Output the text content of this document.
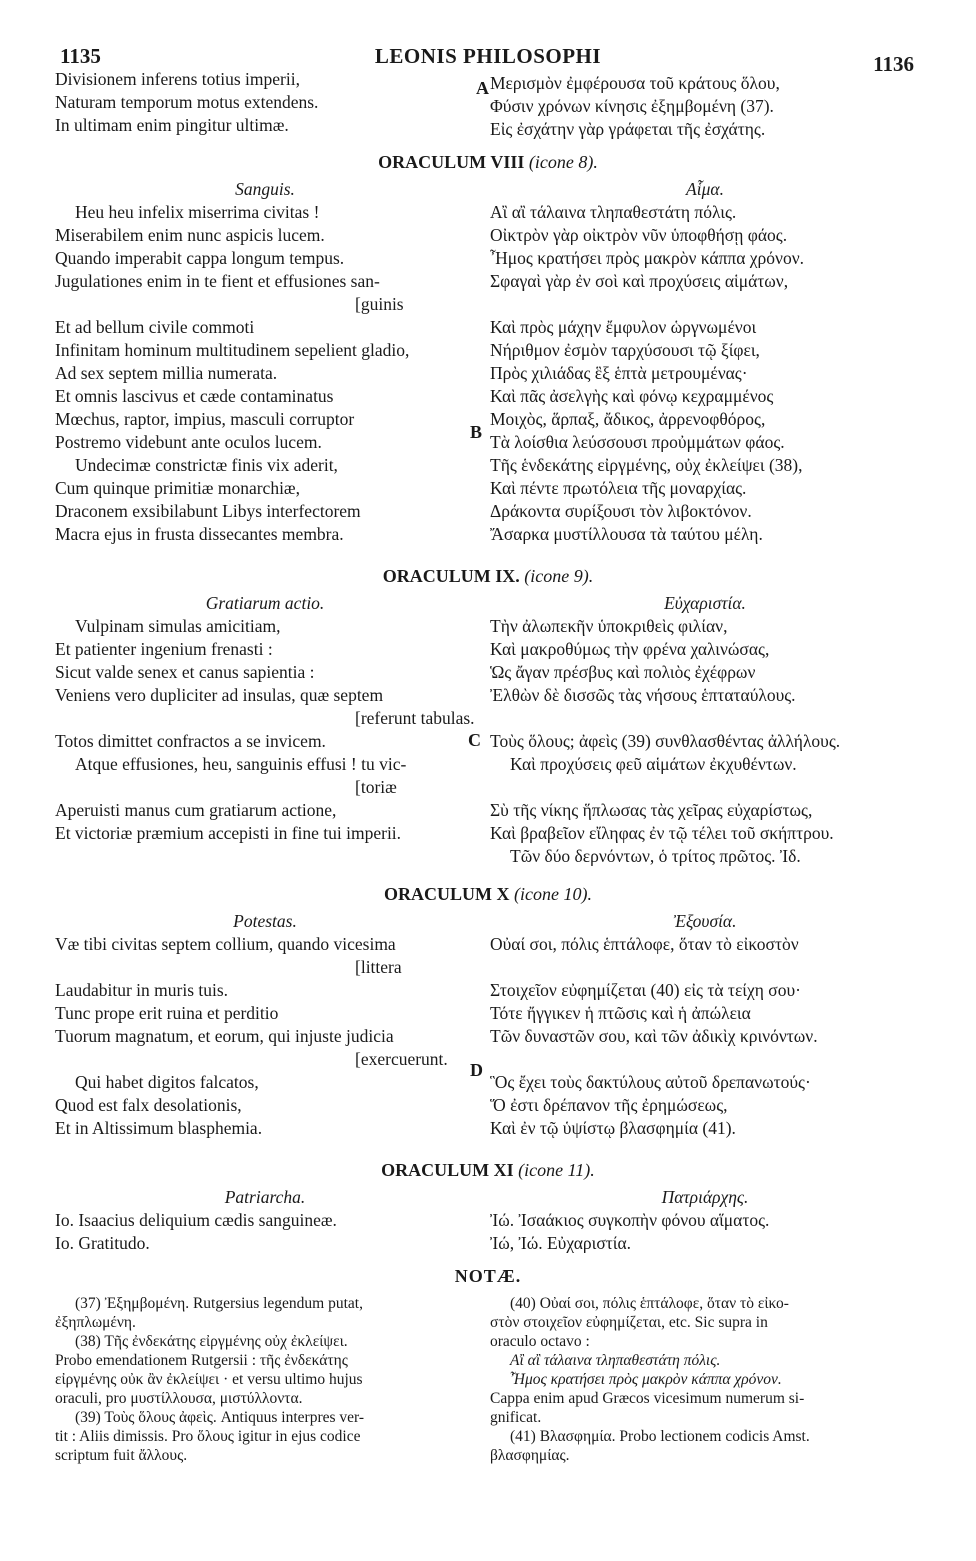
1135	LEONIS PHILOSOPHI	1136
Divisionem inferens totius imperii,
Naturam temporum motus extendens.
In ultimam enim pingitur ultimæ.
A Μερισμὸν ἐμφέρουσα τοῦ κράτους ὅλου,
Φύσιν χρόνων κίνησις ἐξημβομένη (37).
Εἰς ἐσχάτην γὰρ γράφεται τῆς ἐσχάτης.
ORACULUM VIII (icone 8).
Sanguis.
Heu heu infelix miserrima civitas !
Miserabilem enim nunc aspicis lucem.
Quando imperabit cappa longum tempus.
Jugulationes enim in te fient et effusiones san-
[guinis
Et ad bellum civile commoti
Infinitam hominum multitudinem sepelient gladio,
Ad sex septem millia numerata.
Et omnis lascivus et cæde contaminatus
Mœchus, raptor, impius, masculi corruptor
Postremo videbunt ante oculos lucem.
Undecimæ constrictæ finis vix aderit,
Cum quinque primitiæ monarchiæ,
Draconem exsibilabunt Libys interfectorem
Macra ejus in frusta dissecantes membra.
B
Αἷμα.
Αἲ αἲ τάλαινα τληπαθεστάτη πόλις.
Οἰκτρὸν γὰρ οἰκτρὸν νῦν ὑποφθήσῃ φάος.
Ἦμος κρατήσει πρὸς μακρὸν κάππα χρόνον.
Σφαγαὶ γὰρ ἐν σοὶ καὶ προχύσεις αἱμάτων,
Καὶ πρὸς μάχην ἔμφυλον ὡργνωμένοι
Νήριθμον ἐσμὸν ταρχύσουσι τῷ ξίφει,
Πρὸς χιλιάδας ἓξ ἑπτὰ μετρουμένας·
Καὶ πᾶς ἀσελγὴς καὶ φόνῳ κεχραμμένος
Μοιχὸς, ἅρπαξ, ἄδικος, ἀρρενοφθόρος,
Τὰ λοίσθια λεύσσουσι προὐμμάτων φάος.
Τῆς ἑνδεκάτης εἰργμένης, οὐχ ἐκλείψει (38),
Καὶ πέντε πρωτόλεια τῆς μοναρχίας.
Δράκοντα συρίξουσι τὸν λιβοκτόνον.
Ἄσαρκα μυστίλλουσα τὰ ταύτου μέλη.
ORACULUM IX. (icone 9).
Gratiarum actio.
Vulpinam simulas amicitiam,
Et patienter ingenium frenasti :
Sicut valde senex et canus sapientia :
Veniens vero dupliciter ad insulas, quæ septem
[referunt tabulas.
Totos dimittet confractos a se invicem.
Atque effusiones, heu, sanguinis effusi ! tu vic-
[toriæ
Aperuisti manus cum gratiarum actione,
Et victoriæ præmium accepisti in fine tui imperii.
C
Εὐχαριστία.
Τὴν ἀλωπεκῆν ὑποκριθεὶς φιλίαν,
Καὶ μακροθύμως τὴν φρένα χαλινώσας,
Ὡς ἄγαν πρέσβυς καὶ πολιὸς ἐχέφρων
Ἐλθὼν δὲ δισσῶς τὰς νήσους ἑπταταύλους.
Τοὺς ὅλους; ἀφεὶς (39) συνθλασθέντας ἀλλήλους.
Καὶ προχύσεις φεῦ αἱμάτων ἐκχυθέντων.
Σὺ τῆς νίκης ἥπλωσας τὰς χεῖρας εὐχαρίστως,
Καὶ βραβεῖον εἴληφας ἐν τῷ τέλει τοῦ σκήπτρου.
Τῶν δύο δερνόντων, ὁ τρίτος πρῶτος. Ἰδ.
ORACULUM X (icone 10).
Potestas.
Væ tibi civitas septem collium, quando vicesima
[littera
Laudabitur in muris tuis.
Tunc prope erit ruina et perditio
Tuorum magnatum, et eorum, qui injuste judicia
[exercuerunt.
Qui habet digitos falcatos,
Quod est falx desolationis,
Et in Altissimum blasphemia.
D
Ἐξουσία.
Οὐαί σοι, πόλις ἑπτάλοφε, ὅταν τὸ εἰκοστὸν
Στοιχεῖον εὐφημίζεται (40) εἰς τὰ τείχη σου·
Τότε ἤγγικεν ἡ πτῶσις καὶ ἡ ἀπώλεια
Τῶν δυναστῶν σου, καὶ τῶν ἀδικὶχ κρινόντων.
Ὃς ἔχει τοὺς δακτύλους αὐτοῦ δρεπανωτούς·
Ὅ ἐστι δρέπανον τῆς ἐρημώσεως,
Καὶ ἐν τῷ ὑψίστῳ βλασφημία (41).
ORACULUM XI (icone 11).
Patriarcha.
Io. Isaacius deliquium cædis sanguineæ.
Io. Gratitudo.
Πατριάρχης.
Ἰώ. Ἰσαάκιος συγκοπὴν φόνου αἵματος.
Ἰώ, Ἰώ. Εὐχαριστία.
NOTÆ.
(37) Ἐξημβομένη. Rutgersius legendum putat,
ἐξηπλωμένη.
(38) Τῆς ἐνδεκάτης εἰργμένης οὐχ ἐκλείψει.
Probo emendationem Rutgersii : τῆς ἐνδεκάτης
εἰργμένης οὐκ ἂν ἐκλείψει · et versu ultimo hujus
oraculi, pro μυστίλλουσα, μιστύλλοντα.
(39) Τοὺς ὅλους ἀφεὶς. Antiquus interpres ver-
tit : Aliis dimissis. Pro ὅλους igitur in ejus codice
scriptum fuit ἄλλους.
(40) Οὐαί σοι, πόλις ἑπτάλοφε, ὅταν τὸ εἰκο-
στὸν στοιχεῖον εὐφημίζεται, etc. Sic supra in
oraculo octavo :
Αἲ αἲ τάλαινα τληπαθεστάτη πόλις.
Ἦμος κρατήσει πρὸς μακρὸν κάππα χρόνον.
Cappa enim apud Græcos vicesimum numerum si-
gnificat.
(41) Βλασφημία. Probo lectionem codicis Amst.
βλασφημίας.
